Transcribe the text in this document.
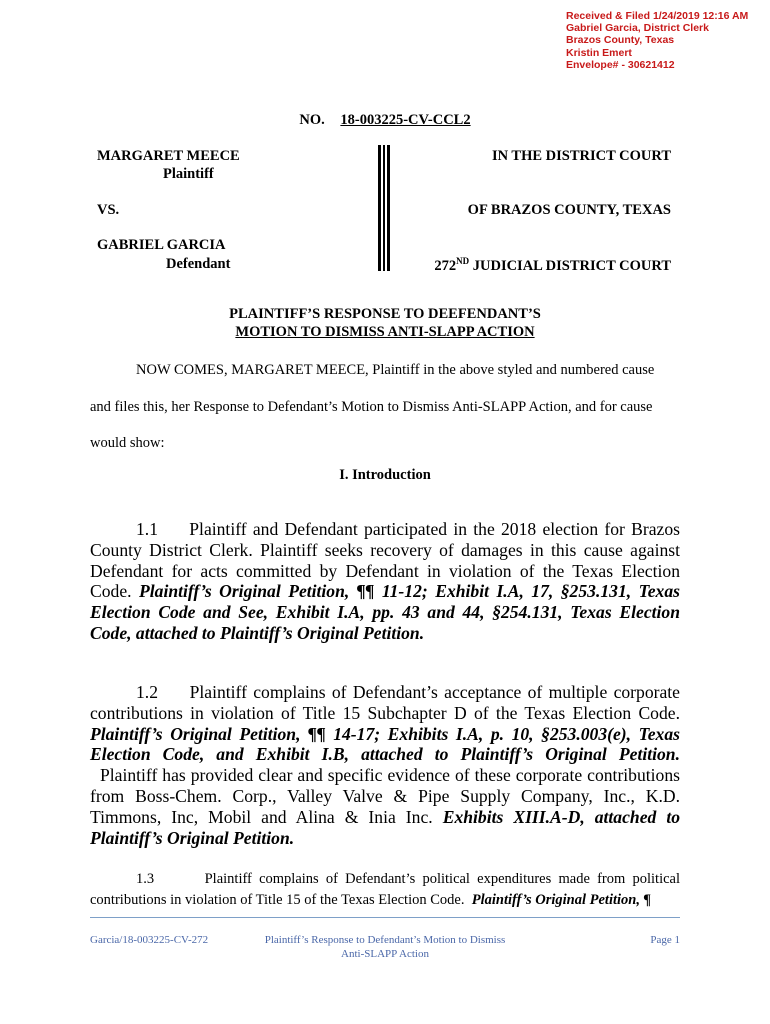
Received & Filed 1/24/2019 12:16 AM
Gabriel Garcia, District Clerk
Brazos County, Texas
Kristin Emert
Envelope# - 30621412
NO. 18-003225-CV-CCL2
MARGARET MEECE
Plaintiff
VS.
GABRIEL GARCIA
Defendant
IN THE DISTRICT COURT
OF BRAZOS COUNTY, TEXAS
272ND JUDICIAL DISTRICT COURT
PLAINTIFF’S RESPONSE TO DEEFENDANT’S
MOTION TO DISMISS ANTI-SLAPP ACTION
NOW COMES, MARGARET MEECE, Plaintiff in the above styled and numbered cause
and files this, her Response to Defendant’s Motion to Dismiss Anti-SLAPP Action, and for cause
would show:
I. Introduction
1.1 Plaintiff and Defendant participated in the 2018 election for Brazos County District Clerk. Plaintiff seeks recovery of damages in this cause against Defendant for acts committed by Defendant in violation of the Texas Election Code. Plaintiff’s Original Petition, ¶¶ 11-12; Exhibit I.A, 17, §253.131, Texas Election Code and See, Exhibit I.A, pp. 43 and 44, §254.131, Texas Election Code, attached to Plaintiff’s Original Petition.
1.2 Plaintiff complains of Defendant’s acceptance of multiple corporate contributions in violation of Title 15 Subchapter D of the Texas Election Code. Plaintiff’s Original Petition, ¶¶ 14-17; Exhibits I.A, p. 10, §253.003(e), Texas Election Code, and Exhibit I.B, attached to Plaintiff’s Original Petition.   Plaintiff has provided clear and specific evidence of these corporate contributions from Boss-Chem. Corp., Valley Valve & Pipe Supply Company, Inc., K.D. Timmons, Inc, Mobil and Alina & Inia Inc. Exhibits XIII.A-D, attached to Plaintiff’s Original Petition.
1.3	Plaintiff complains of Defendant’s political expenditures made from political contributions in violation of Title 15 of the Texas Election Code. Plaintiff’s Original Petition, ¶
Garcia/18-003225-CV-272	Plaintiff’s Response to Defendant’s Motion to Dismiss
Anti-SLAPP Action
Page 1
